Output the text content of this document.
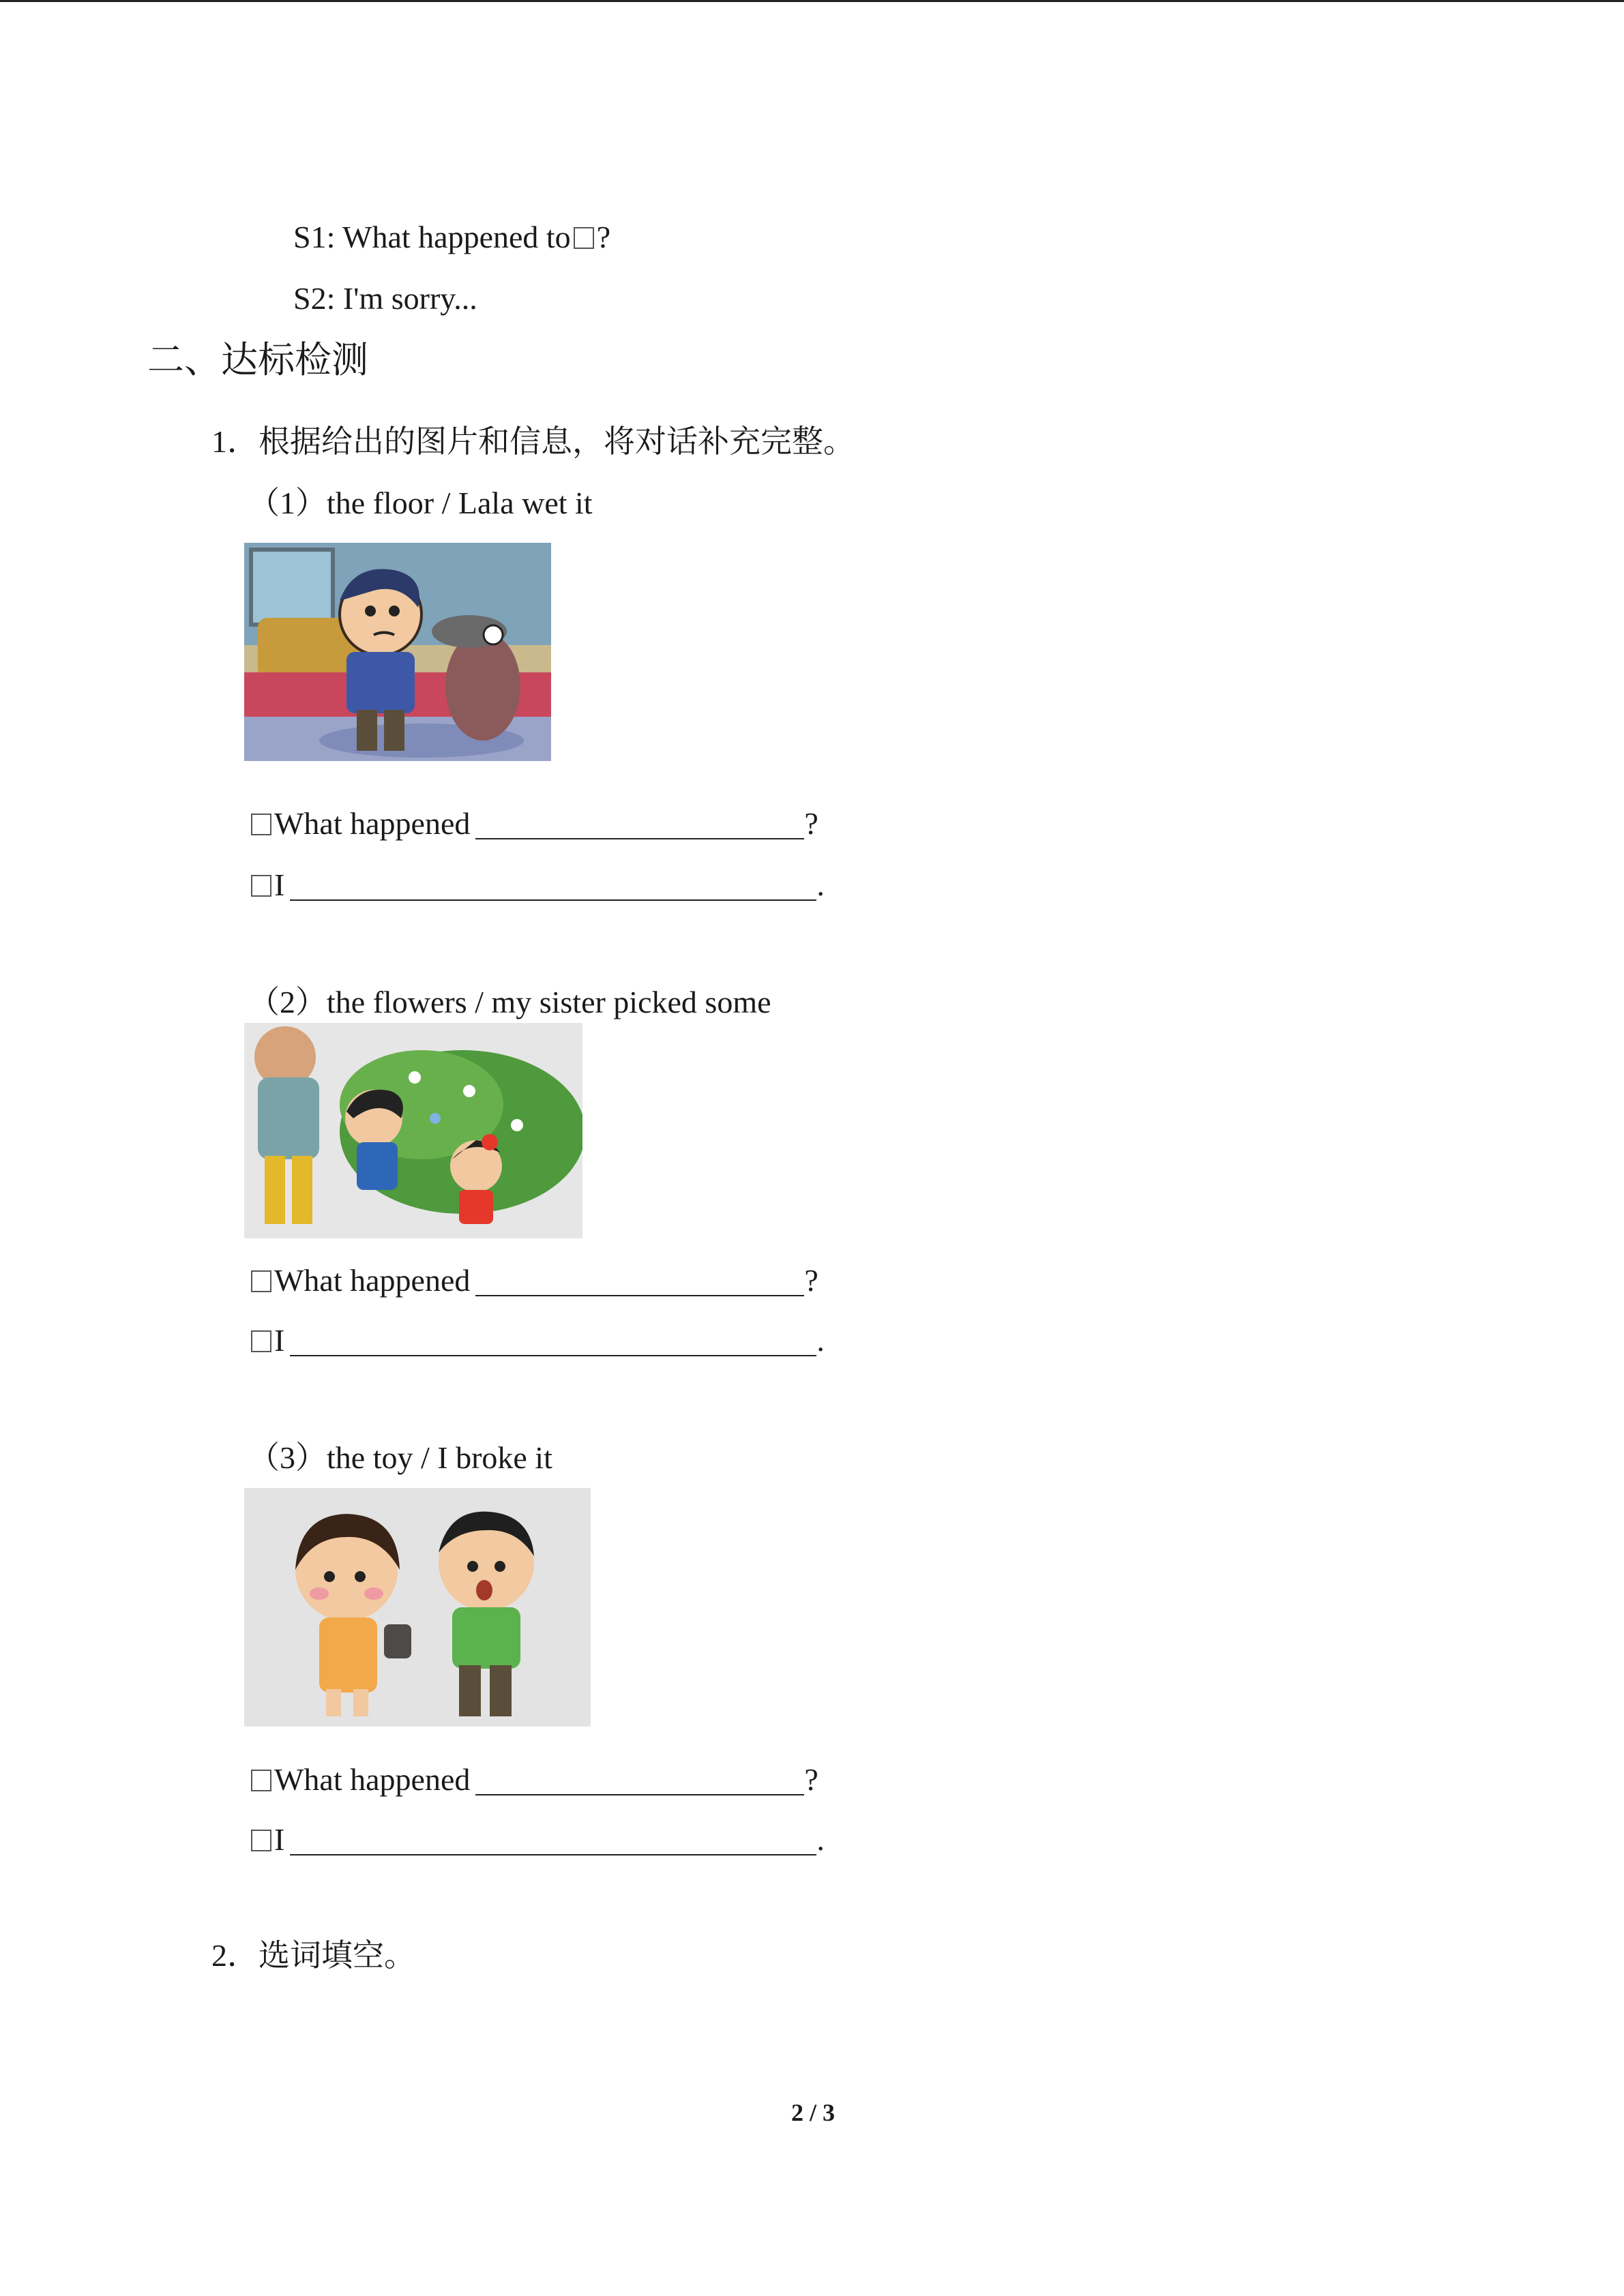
S1: What happened to ?
S2: I'm sorry...
二、达标检测
1．根据给出的图片和信息，将对话补充完整。
（1）the floor / Lala wet it
What happened	?
I	.
（2）the flowers / my sister picked some
What happened	?
I	.
（3）the toy / I broke it
What happened	?
I	.
2．选词填空。
2 / 3
